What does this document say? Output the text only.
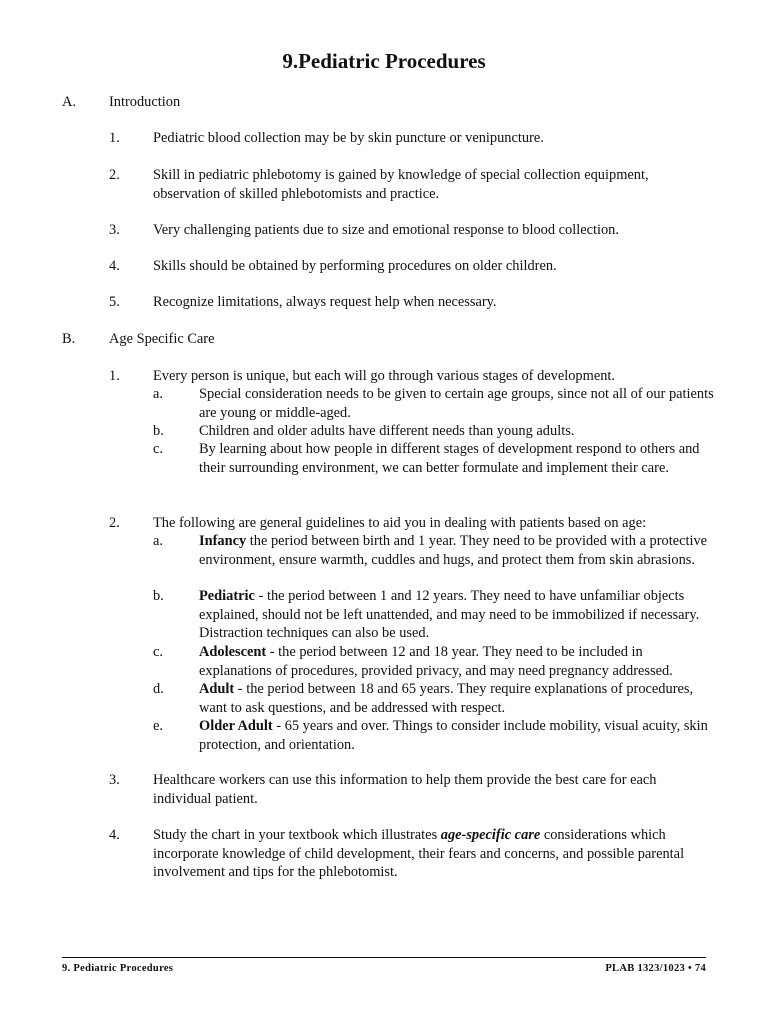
9.Pediatric Procedures
A. Introduction
1. Pediatric blood collection may be by skin puncture or venipuncture.
2. Skill in pediatric phlebotomy is gained by knowledge of special collection equipment, observation of skilled phlebotomists and practice.
3. Very challenging patients due to size and emotional response to blood collection.
4. Skills should be obtained by performing procedures on older children.
5. Recognize limitations, always request help when necessary.
B. Age Specific Care
1. Every person is unique, but each will go through various stages of development.
a.	Special consideration needs to be given to certain age groups, since not all of our patients are young or middle-aged.
b. Children and older adults have different needs than young adults.
c.	By learning about how people in different stages of development respond to others and their surrounding environment, we can better formulate and implement their care.
2. The following are general guidelines to aid you in dealing with patients based on age:
a.	Infancy the period between birth and 1 year. They need to be provided with a protective environment, ensure warmth, cuddles and hugs, and protect them from skin abrasions.
b. Pediatric - the period between 1 and 12 years. They need to have unfamiliar objects explained, should not be left unattended, and may need to be immobilized if necessary. Distraction techniques can also be used.
c.	Adolescent - the period between 12 and 18 year. They need to be included in explanations of procedures, provided privacy, and may need pregnancy addressed.
d. Adult - the period between 18 and 65 years. They require explanations of procedures, want to ask questions, and be addressed with respect.
e.	Older Adult - 65 years and over. Things to consider include mobility, visual acuity, skin protection, and orientation.
3. Healthcare workers can use this information to help them provide the best care for each individual patient.
4. Study the chart in your textbook which illustrates age-specific care considerations which incorporate knowledge of child development, their fears and concerns, and possible parental involvement and tips for the phlebotomist.
9. Pediatric Procedures	PLAB 1323/1023 • 74
